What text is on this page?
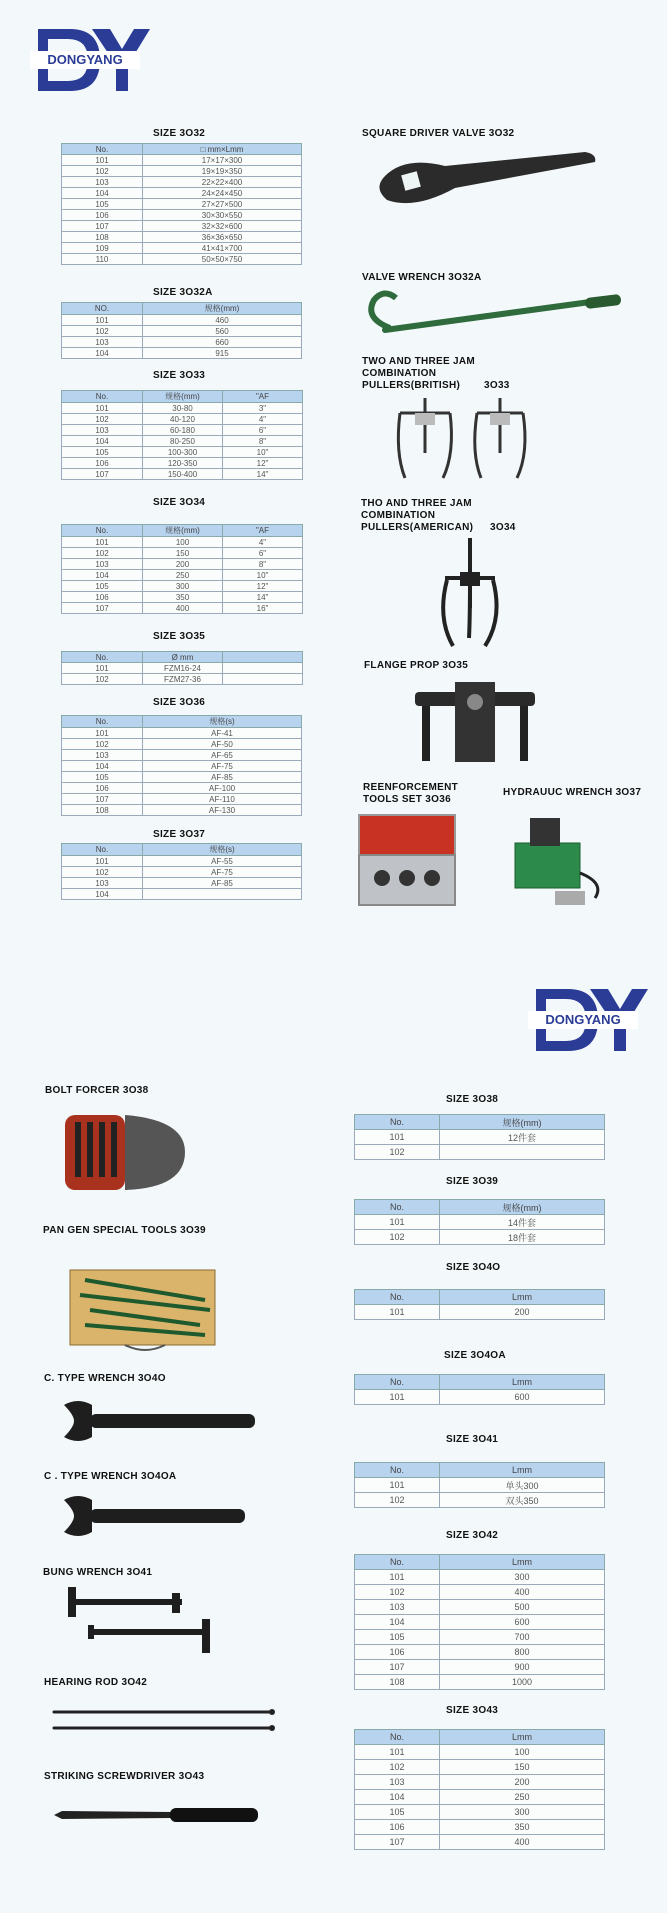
DONGYANG
SIZE 3O32
No.	□ mm×Lmm
101	17×17×300
102	19×19×350
103	22×22×400
104	24×24×450
105	27×27×500
106	30×30×550
107	32×32×600
108	36×36×650
109	41×41×700
110	50×50×750
SIZE 3O32A
NO.	规格(mm)
101	460
102	560
103	660
104	915
SIZE 3O33
No.	规格(mm)	"AF
101	30-80	3"
102	40-120	4"
103	60-180	6"
104	80-250	8"
105	100-300	10"
106	120-350	12"
107	150-400	14"
SIZE 3O34
No.	规格(mm)	"AF
101	100	4"
102	150	6"
103	200	8"
104	250	10"
105	300	12"
106	350	14"
107	400	16"
SIZE 3O35
No.	Ø mm	
101	FZM16-24	
102	FZM27-36	
SIZE 3O36
No.	规格(s)
101	AF-41
102	AF-50
103	AF-65
104	AF-75
105	AF-85
106	AF-100
107	AF-110
108	AF-130
SIZE 3O37
No.	规格(s)
101	AF-55
102	AF-75
103	AF-85
104	
SQUARE DRIVER VALVE 3O32
VALVE WRENCH 3O32A
TWO AND THREE JAM
COMBINATION
PULLERS(BRITISH) 3O33
THO AND THREE JAM
COMBINATION
PULLERS(AMERICAN) 3O34
FLANGE PROP 3O35
REENFORCEMENT
TOOLS SET 3O36
HYDRAUUC WRENCH 3O37
DONGYANG
BOLT FORCER 3O38
PAN GEN SPECIAL TOOLS 3O39
C. TYPE WRENCH 3O4O
C . TYPE WRENCH 3O4OA
BUNG WRENCH 3O41
HEARING ROD 3O42
STRIKING SCREWDRIVER 3O43
SIZE 3O38
No.	规格(mm)
101	12件套
102	
SIZE 3O39
No.	规格(mm)
101	14件套
102	18件套
SIZE 3O4O
No.	Lmm
101	200
SIZE 3O4OA
No.	Lmm
101	600
SIZE 3O41
No.	Lmm
101	单头300
102	双头350
SIZE 3O42
No.	Lmm
101	300
102	400
103	500
104	600
105	700
106	800
107	900
108	1000
SIZE 3O43
No.	Lmm
101	100
102	150
103	200
104	250
105	300
106	350
107	400
